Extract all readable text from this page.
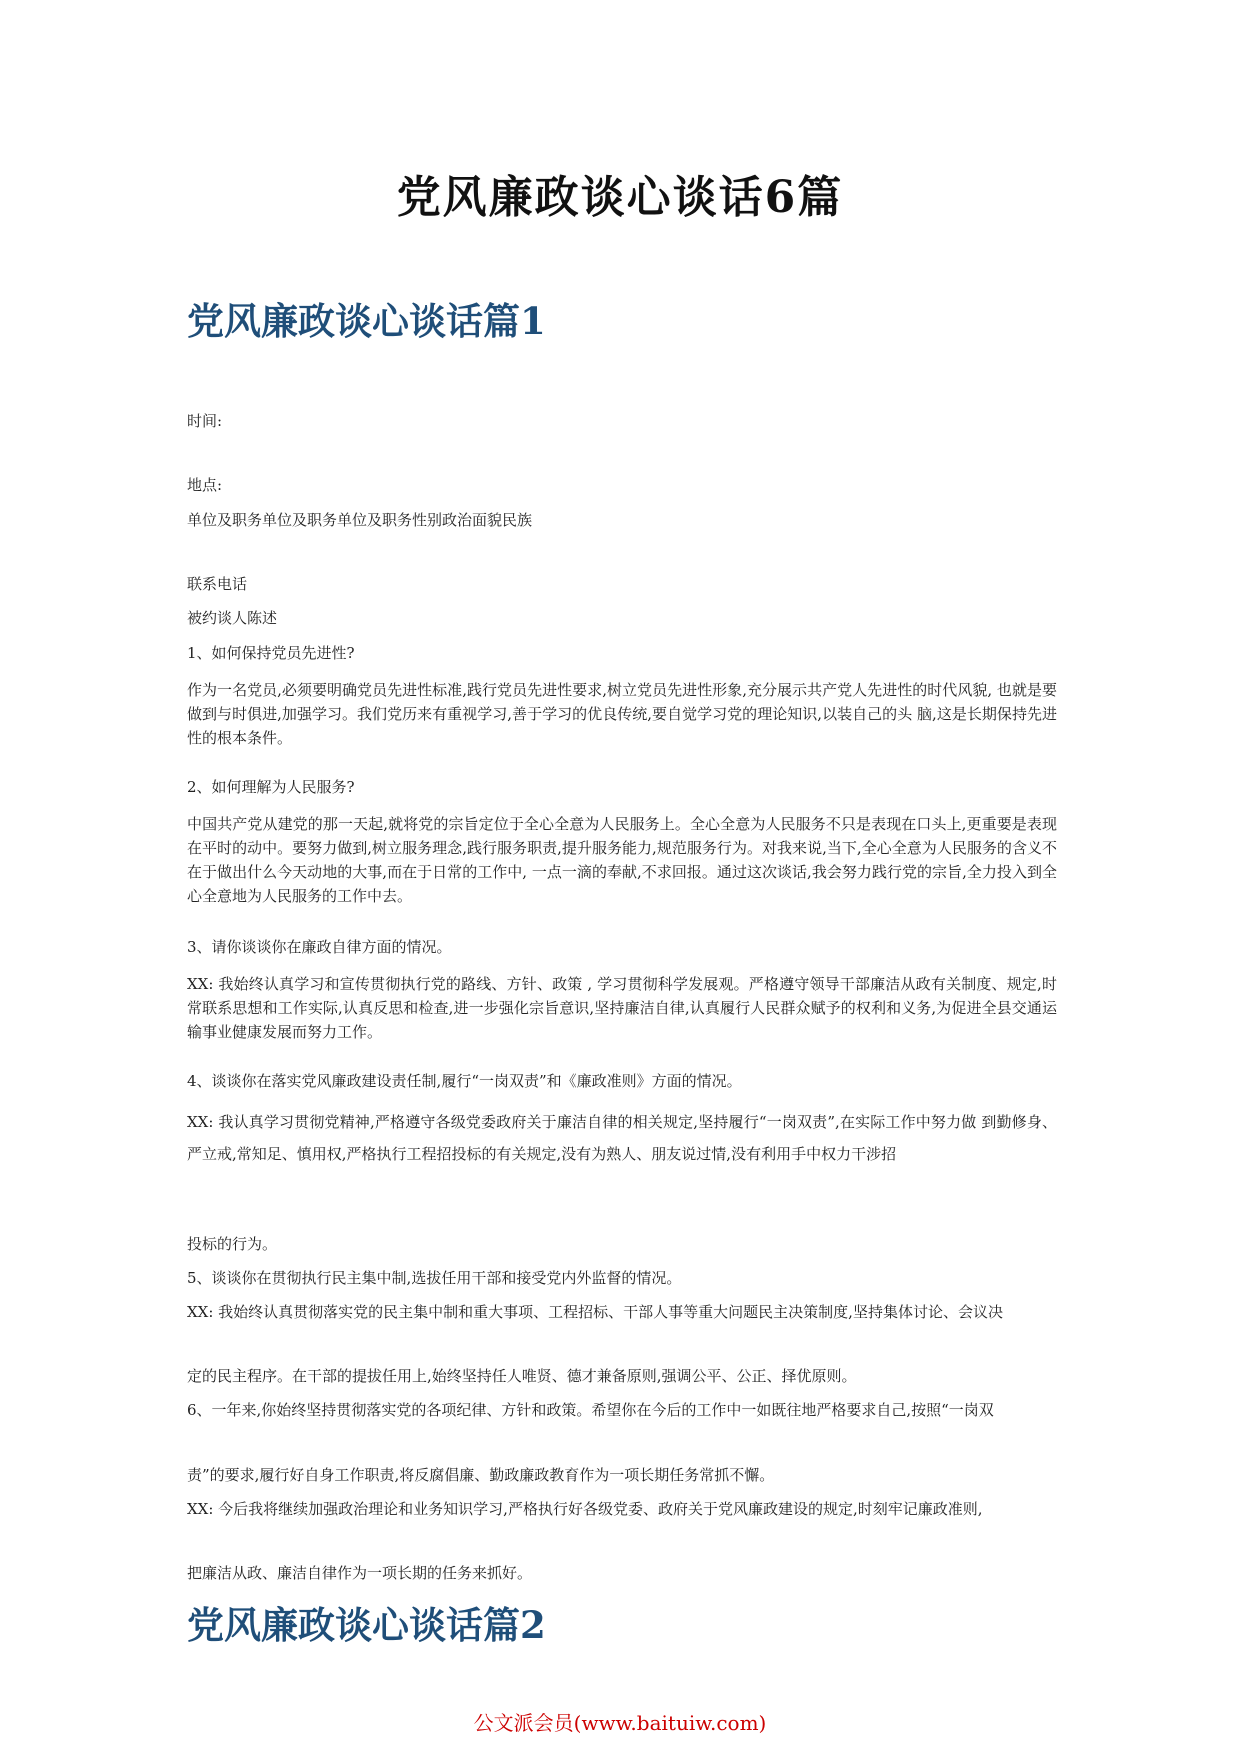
党风廉政谈心谈话6篇
党风廉政谈心谈话篇1

时间:

地点:

单位及职务单位及职务单位及职务性别政治面貌民族

联系电话

被约谈人陈述

1、如何保持党员先进性?

作为一名党员,必须要明确党员先进性标准,践行党员先进性要求,树立党员先进性形象,充分展示共产党人先进性的时代风貌, 也就是要做到与时俱进,加强学习。我们党历来有重视学习,善于学习的优良传统,要自觉学习党的理论知识,以装自己的头 脑,这是长期保持先进性的根本条件。

2、如何理解为人民服务?

中国共产党从建党的那一天起,就将党的宗旨定位于全心全意为人民服务上。全心全意为人民服务不只是表现在口头上,更重要是表现在平时的动中。要努力做到,树立服务理念,践行服务职责,提升服务能力,规范服务行为。对我来说,当下,全心全意为人民服务的含义不在于做出什么今天动地的大事,而在于日常的工作中, 一点一滴的奉献,不求回报。通过这次谈话,我会努力践行党的宗旨,全力投入到全心全意地为人民服务的工作中去。

3、请你谈谈你在廉政自律方面的情况。

XX: 我始终认真学习和宣传贯彻执行党的路线、方针、政策 , 学习贯彻科学发展观。严格遵守领导干部廉洁从政有关制度、规定,时常联系思想和工作实际,认真反思和检查,进一步强化宗旨意识,坚持廉洁自律,认真履行人民群众赋予的权利和义务,为促进全县交通运输事业健康发展而努力工作。

4、谈谈你在落实党风廉政建设责任制,履行“一岗双责”和《廉政准则》方面的情况。

XX: 我认真学习贯彻党精神,严格遵守各级党委政府关于廉洁自律的相关规定,坚持履行“一岗双责”,在实际工作中努力做 到勤修身、严立戒,常知足、慎用权,严格执行工程招投标的有关规定,没有为熟人、朋友说过情,没有利用手中权力干涉招

投标的行为。

5、谈谈你在贯彻执行民主集中制,选拔任用干部和接受党内外监督的情况。

XX: 我始终认真贯彻落实党的民主集中制和重大事项、工程招标、干部人事等重大问题民主决策制度,坚持集体讨论、会议决

定的民主程序。在干部的提拔任用上,始终坚持任人唯贤、德才兼备原则,强调公平、公正、择优原则。

6、一年来,你始终坚持贯彻落实党的各项纪律、方针和政策。希望你在今后的工作中一如既往地严格要求自己,按照“一岗双

责”的要求,履行好自身工作职责,将反腐倡廉、勤政廉政教育作为一项长期任务常抓不懈。

XX: 今后我将继续加强政治理论和业务知识学习,严格执行好各级党委、政府关于党风廉政建设的规定,时刻牢记廉政准则,

把廉洁从政、廉洁自律作为一项长期的任务来抓好。

党风廉政谈心谈话篇2
公文派会员(www.baituiw.com)
